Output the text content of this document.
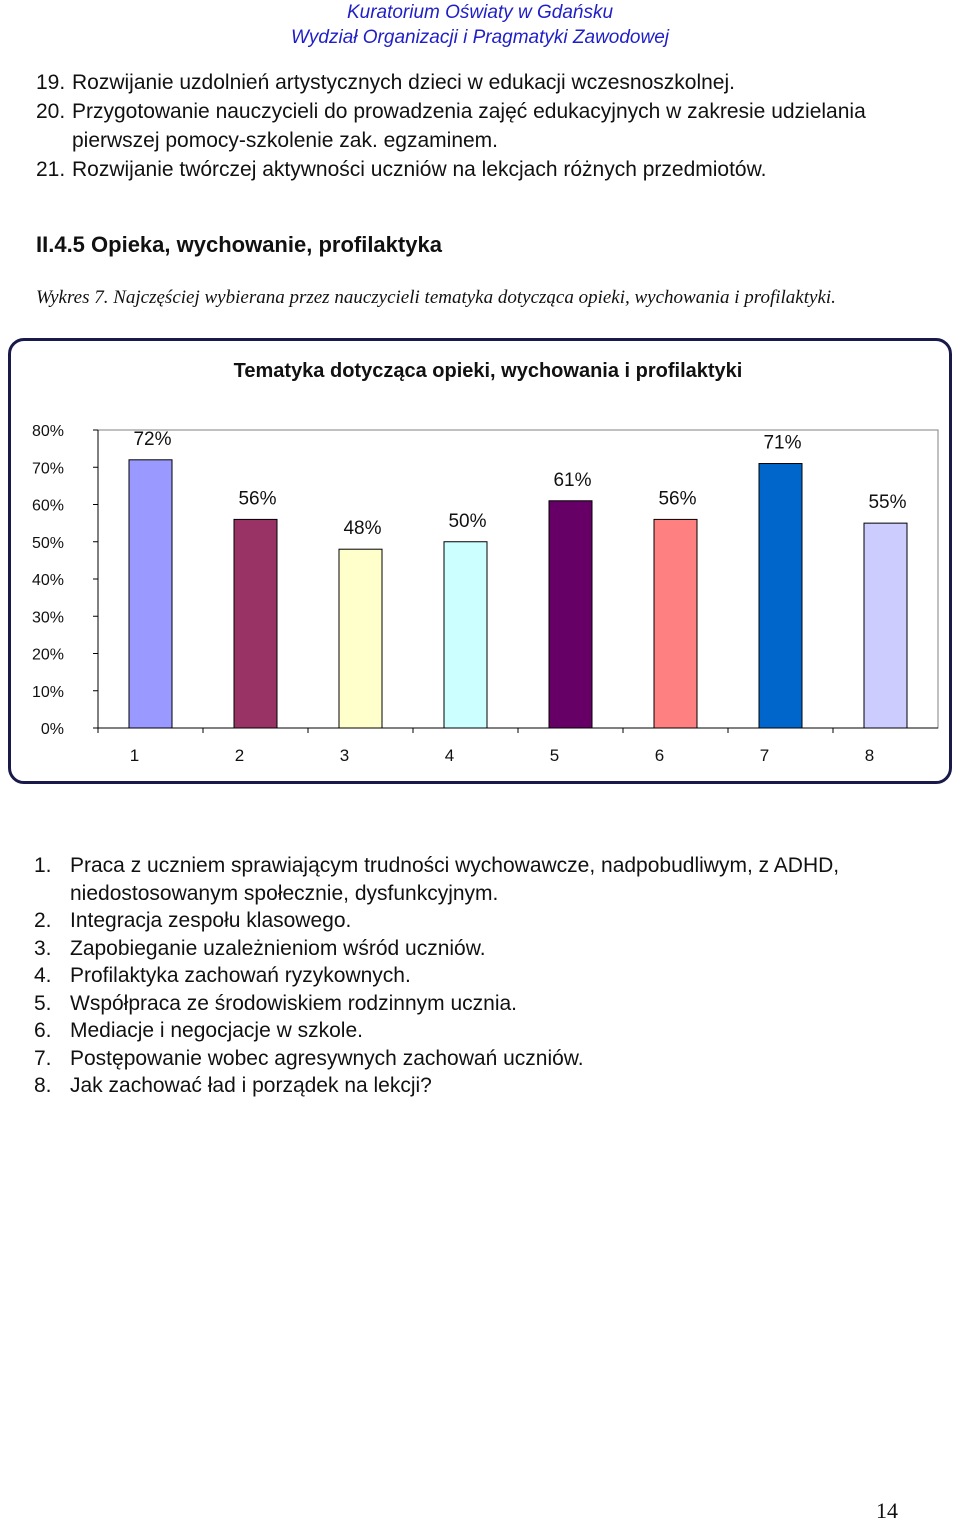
Kuratorium Oświaty w Gdańsku
Wydział Organizacji i Pragmatyki Zawodowej
19. Rozwijanie uzdolnień artystycznych dzieci w edukacji wczesnoszkolnej.
20. Przygotowanie nauczycieli do prowadzenia zajęć edukacyjnych w zakresie udzielania pierwszej pomocy-szkolenie zak. egzaminem.
21. Rozwijanie twórczej aktywności uczniów na lekcjach różnych przedmiotów.
II.4.5 Opieka, wychowanie, profilaktyka
Wykres 7. Najczęściej wybierana przez nauczycieli tematyka dotycząca opieki, wychowania i profilaktyki.
Tematyka dotycząca opieki, wychowania i profilaktyki
0%
10%
20%
30%
40%
50%
60%
70%
80%	72%
1
56%
2
48%
3
50%
4
61%
5
56%
6
71%
7
55%
8
1. Praca z uczniem sprawiającym trudności wychowawcze, nadpobudliwym, z ADHD, niedostosowanym społecznie, dysfunkcyjnym.
2. Integracja zespołu klasowego.
3. Zapobieganie uzależnieniom wśród uczniów.
4. Profilaktyka zachowań ryzykownych.
5. Współpraca ze środowiskiem rodzinnym ucznia.
6. Mediacje i negocjacje w szkole.
7. Postępowanie wobec agresywnych zachowań uczniów.
8. Jak zachować ład i porządek na lekcji?
14
